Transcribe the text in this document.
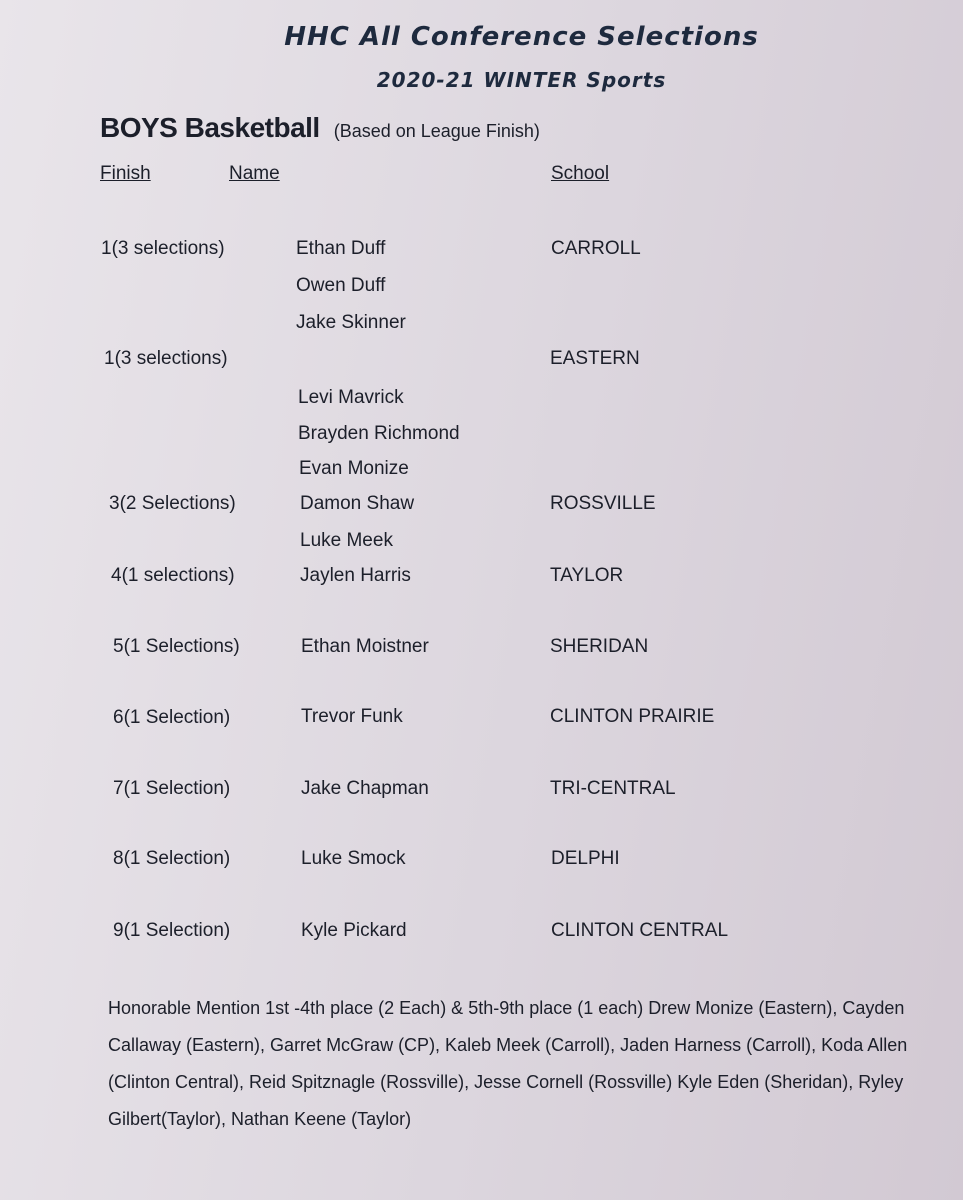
HHC All Conference Selections
2020-21 WINTER Sports
BOYS Basketball (Based on League Finish)
Finish	Name	School
1(3 selections)
1(3 selections)
3(2 Selections)
4(1 selections)
5(1 Selections)
6(1 Selection)
7(1 Selection)
8(1 Selection)
9(1 Selection)
Ethan Duff
Owen Duff
Jake Skinner
Levi Mavrick
Brayden Richmond
Evan Monize
Damon Shaw
Luke Meek
Jaylen Harris
Ethan Moistner
Trevor Funk
Jake Chapman
Luke Smock
Kyle Pickard
CARROLL
EASTERN
ROSSVILLE
TAYLOR
SHERIDAN
CLINTON PRAIRIE
TRI-CENTRAL
DELPHI
CLINTON CENTRAL
Honorable Mention 1st -4th place (2 Each) & 5th-9th place (1 each) Drew Monize (Eastern), Cayden Callaway (Eastern), Garret McGraw (CP), Kaleb Meek (Carroll), Jaden Harness (Carroll), Koda Allen (Clinton Central), Reid Spitznagle (Rossville), Jesse Cornell (Rossville) Kyle Eden (Sheridan), Ryley Gilbert(Taylor), Nathan Keene (Taylor)
